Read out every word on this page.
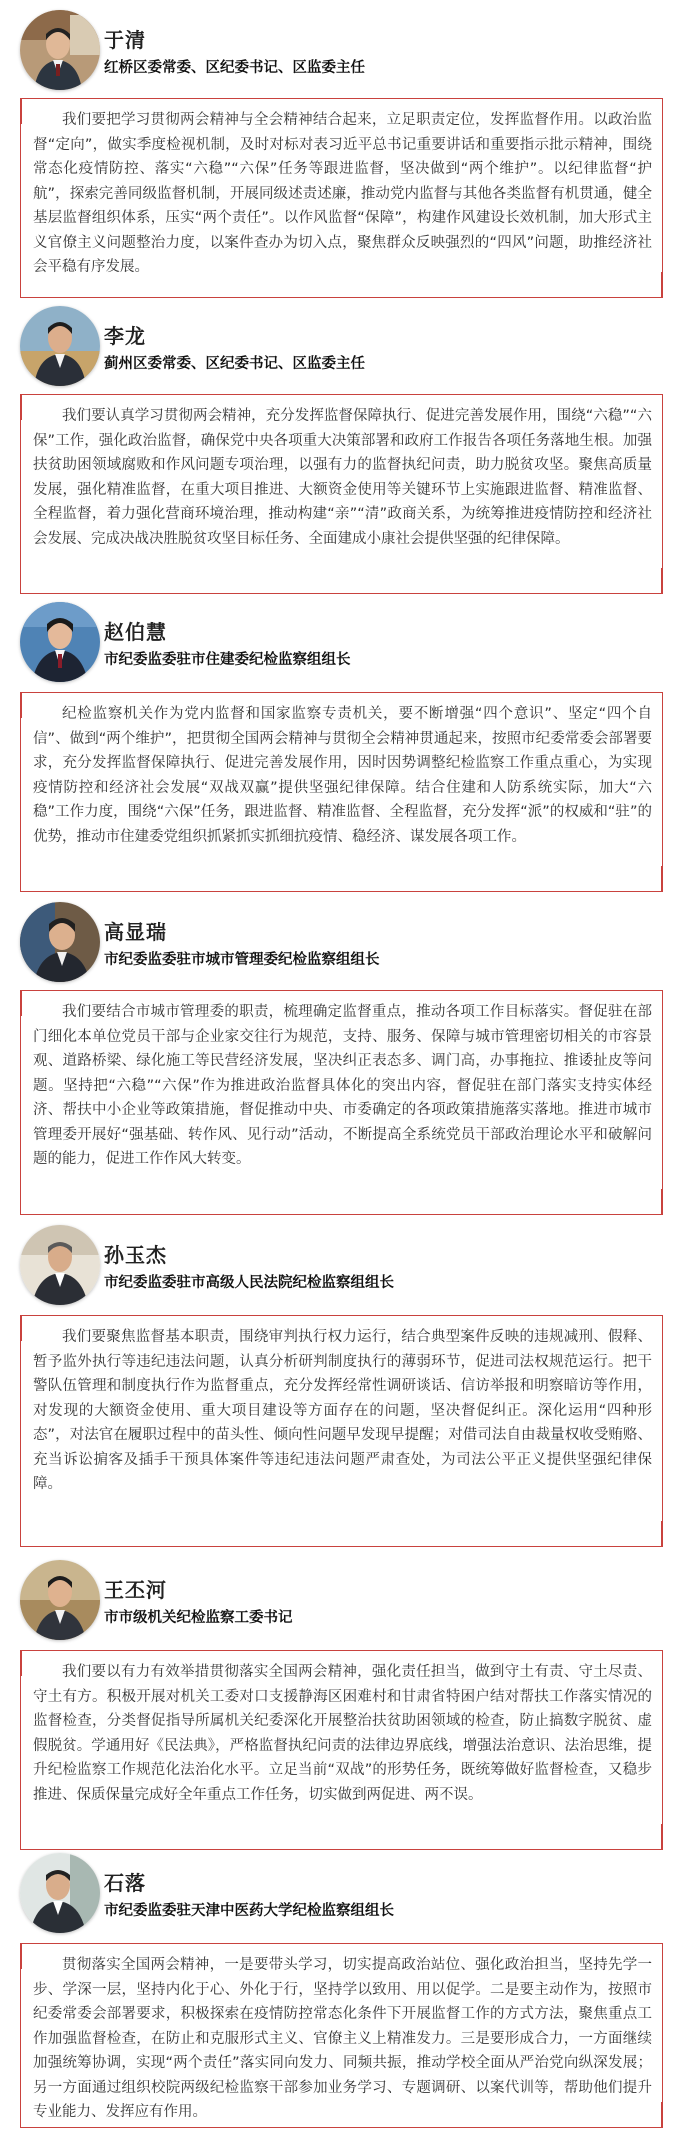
于清
红桥区委常委、区纪委书记、区监委主任

我们要把学习贯彻两会精神与全会精神结合起来，立足职责定位，发挥监督作用。以政治监督“定向”，做实季度检视机制，及时对标对表习近平总书记重要讲话和重要指示批示精神，围绕常态化疫情防控、落实“六稳”“六保”任务等跟进监督，坚决做到“两个维护”。以纪律监督“护航”，探索完善同级监督机制，开展同级述责述廉，推动党内监督与其他各类监督有机贯通，健全基层监督组织体系，压实“两个责任”。以作风监督“保障”，构建作风建设长效机制，加大形式主义官僚主义问题整治力度，以案件查办为切入点，聚焦群众反映强烈的“四风”问题，助推经济社会平稳有序发展。

李龙
蓟州区委常委、区纪委书记、区监委主任

我们要认真学习贯彻两会精神，充分发挥监督保障执行、促进完善发展作用，围绕“六稳”“六保”工作，强化政治监督，确保党中央各项重大决策部署和政府工作报告各项任务落地生根。加强扶贫助困领域腐败和作风问题专项治理，以强有力的监督执纪问责，助力脱贫攻坚。聚焦高质量发展，强化精准监督，在重大项目推进、大额资金使用等关键环节上实施跟进监督、精准监督、全程监督，着力强化营商环境治理，推动构建“亲”“清”政商关系，为统筹推进疫情防控和经济社会发展、完成决战决胜脱贫攻坚目标任务、全面建成小康社会提供坚强的纪律保障。

赵伯慧
市纪委监委驻市住建委纪检监察组组长

纪检监察机关作为党内监督和国家监察专责机关，要不断增强“四个意识”、坚定“四个自信”、做到“两个维护”，把贯彻全国两会精神与贯彻全会精神贯通起来，按照市纪委常委会部署要求，充分发挥监督保障执行、促进完善发展作用，因时因势调整纪检监察工作重点重心，为实现疫情防控和经济社会发展“双战双赢”提供坚强纪律保障。结合住建和人防系统实际，加大“六稳”工作力度，围绕“六保”任务，跟进监督、精准监督、全程监督，充分发挥“派”的权威和“驻”的优势，推动市住建委党组织抓紧抓实抓细抗疫情、稳经济、谋发展各项工作。

高显瑞
市纪委监委驻市城市管理委纪检监察组组长

我们要结合市城市管理委的职责，梳理确定监督重点，推动各项工作目标落实。督促驻在部门细化本单位党员干部与企业家交往行为规范，支持、服务、保障与城市管理密切相关的市容景观、道路桥梁、绿化施工等民营经济发展，坚决纠正表态多、调门高，办事拖拉、推诿扯皮等问题。坚持把“六稳”“六保”作为推进政治监督具体化的突出内容，督促驻在部门落实支持实体经济、帮扶中小企业等政策措施，督促推动中央、市委确定的各项政策措施落实落地。推进市城市管理委开展好“强基础、转作风、见行动”活动，不断提高全系统党员干部政治理论水平和破解问题的能力，促进工作作风大转变。

孙玉杰
市纪委监委驻市高级人民法院纪检监察组组长

我们要聚焦监督基本职责，围绕审判执行权力运行，结合典型案件反映的违规减刑、假释、暂予监外执行等违纪违法问题，认真分析研判制度执行的薄弱环节，促进司法权规范运行。把干警队伍管理和制度执行作为监督重点，充分发挥经常性调研谈话、信访举报和明察暗访等作用，对发现的大额资金使用、重大项目建设等方面存在的问题，坚决督促纠正。深化运用“四种形态”，对法官在履职过程中的苗头性、倾向性问题早发现早提醒；对借司法自由裁量权收受贿赂、充当诉讼掮客及插手干预具体案件等违纪违法问题严肃查处，为司法公平正义提供坚强纪律保障。

王丕河
市市级机关纪检监察工委书记

我们要以有力有效举措贯彻落实全国两会精神，强化责任担当，做到守土有责、守土尽责、守土有方。积极开展对机关工委对口支援静海区困难村和甘肃省特困户结对帮扶工作落实情况的监督检查，分类督促指导所属机关纪委深化开展整治扶贫助困领域的检查，防止搞数字脱贫、虚假脱贫。学通用好《民法典》，严格监督执纪问责的法律边界底线，增强法治意识、法治思维，提升纪检监察工作规范化法治化水平。立足当前“双战”的形势任务，既统筹做好监督检查，又稳步推进、保质保量完成好全年重点工作任务，切实做到两促进、两不误。

石落
市纪委监委驻天津中医药大学纪检监察组组长

贯彻落实全国两会精神，一是要带头学习，切实提高政治站位、强化政治担当，坚持先学一步、学深一层，坚持内化于心、外化于行，坚持学以致用、用以促学。二是要主动作为，按照市纪委常委会部署要求，积极探索在疫情防控常态化条件下开展监督工作的方式方法，聚焦重点工作加强监督检查，在防止和克服形式主义、官僚主义上精准发力。三是要形成合力，一方面继续加强统筹协调，实现“两个责任”落实同向发力、同频共振，推动学校全面从严治党向纵深发展；另一方面通过组织校院两级纪检监察干部参加业务学习、专题调研、以案代训等，帮助他们提升专业能力、发挥应有作用。
